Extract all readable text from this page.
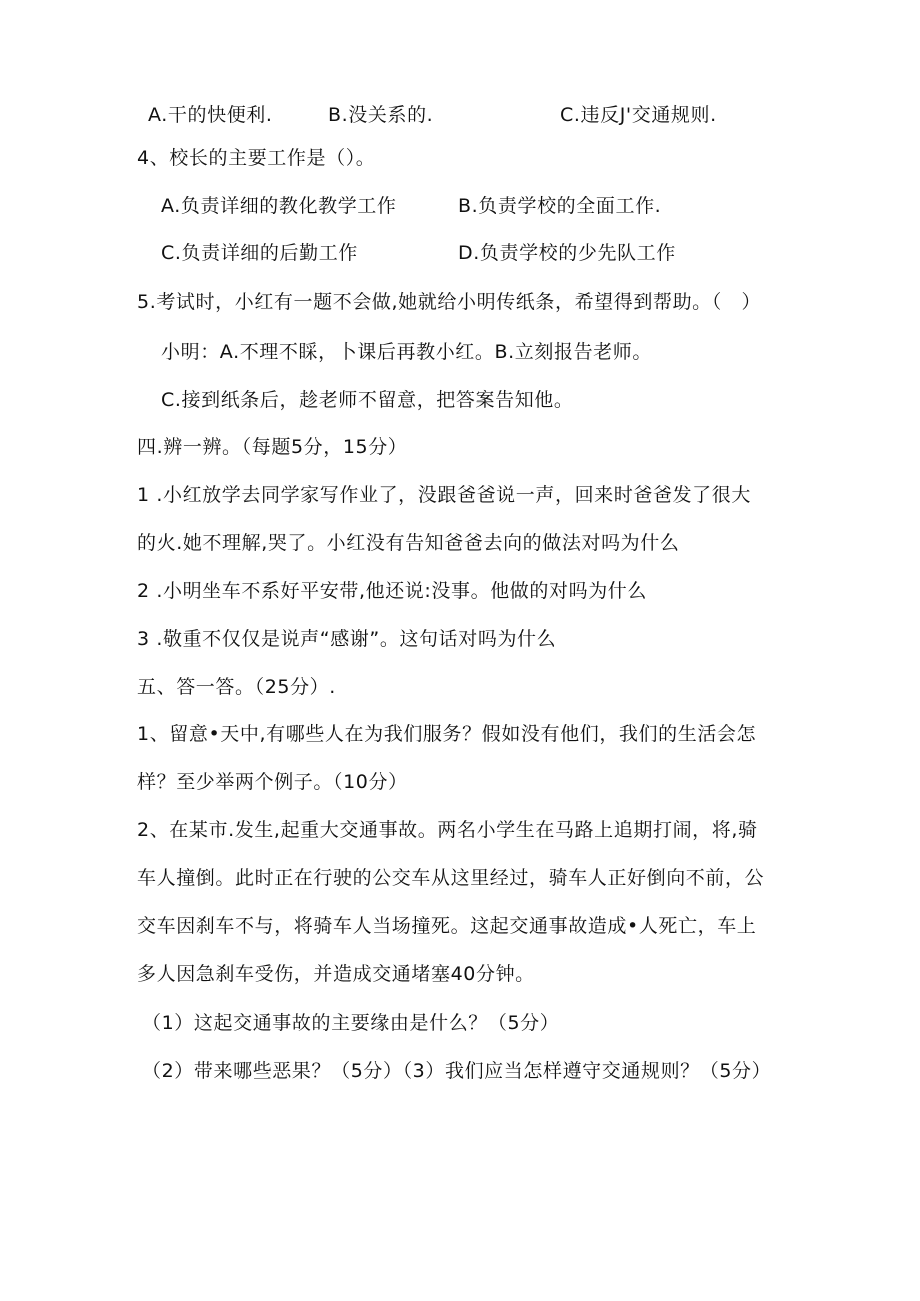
A.干的快便利.	B.没关系的.	C.违反J'交通规则.
4、校长的主要工作是（）。
A.负责详细的教化教学工作	B.负责学校的全面工作.
C.负责详细的后勤工作	D.负责学校的少先队工作
5.考试时，小红有一题不会做,她就给小明传纸条，希望得到帮助。（　）
小明：A.不理不睬，卜课后再教小红。B.立刻报告老师。
C.接到纸条后，趁老师不留意，把答案告知他。
四.辨一辨。（每题5分，15分）
1 .小红放学去同学家写作业了，没跟爸爸说一声，回来时爸爸发了很大
的火.她不理解,哭了。小红没有告知爸爸去向的做法对吗为什么
2 .小明坐车不系好平安带,他还说:没事。他做的对吗为什么
3 .敬重不仅仅是说声“感谢”。这句话对吗为什么
五、答一答。（25分）.
1、留意•天中,有哪些人在为我们服务？假如没有他们，我们的生活会怎
样？至少举两个例子。（10分）
2、在某市.发生,起重大交通事故。两名小学生在马路上追期打闹，将,骑
车人撞倒。此时正在行驶的公交车从这里经过，骑车人正好倒向不前，公
交车因刹车不与，将骑车人当场撞死。这起交通事故造成•人死亡，车上
多人因急刹车受伤，并造成交通堵塞40分钟。
（1）这起交通事故的主要缘由是什么？（5分）
（2）带来哪些恶果？（5分）（3）我们应当怎样遵守交通规则？（5分）
